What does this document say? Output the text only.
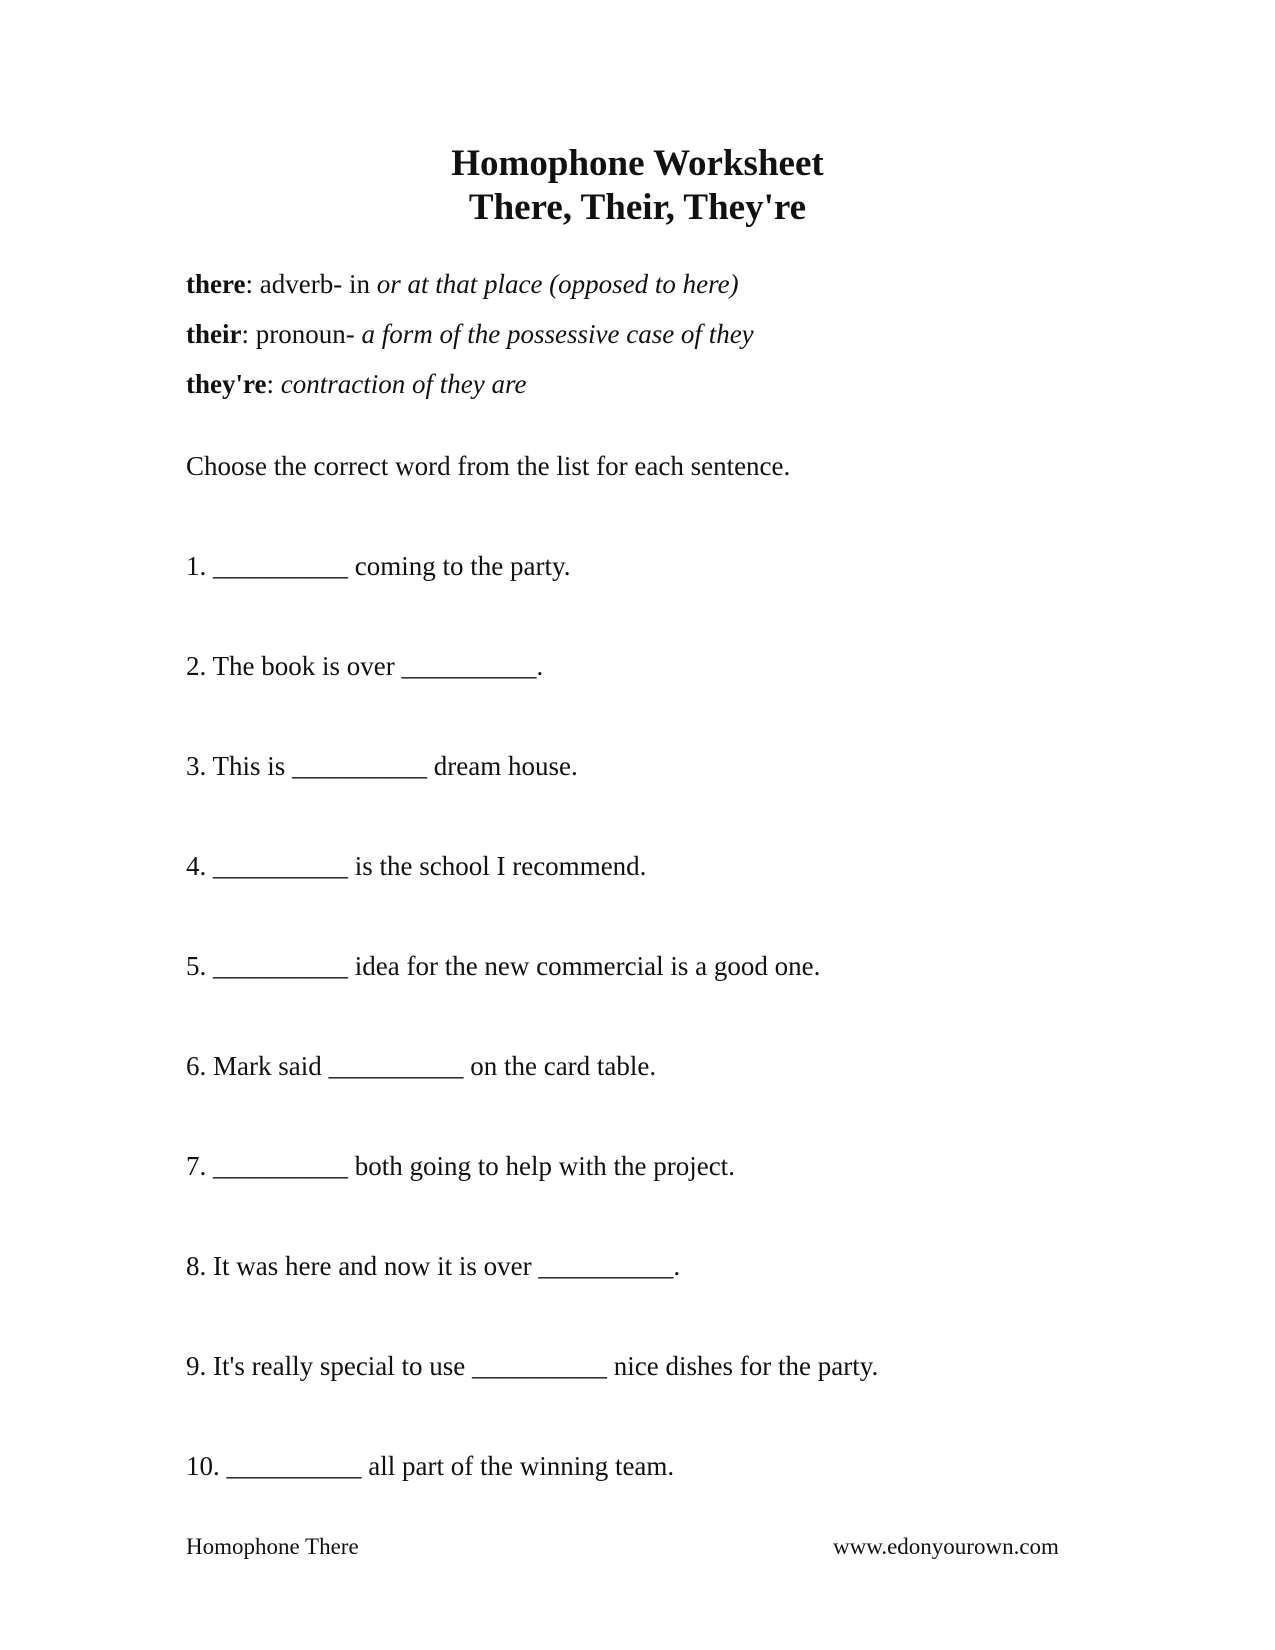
Homophone Worksheet
There, Their, They're
there: adverb- in or at that place (opposed to here)
their: pronoun- a form of the possessive case of they
they're: contraction of they are
Choose the correct word from the list for each sentence.
1. __________ coming to the party.
2. The book is over __________.
3. This is __________ dream house.
4. __________ is the school I recommend.
5. __________ idea for the new commercial is a good one.
6. Mark said __________ on the card table.
7. __________ both going to help with the project.
8. It was here and now it is over __________.
9. It's really special to use __________ nice dishes for the party.
10. __________ all part of the winning team.
Homophone There	www.edonyourown.com
